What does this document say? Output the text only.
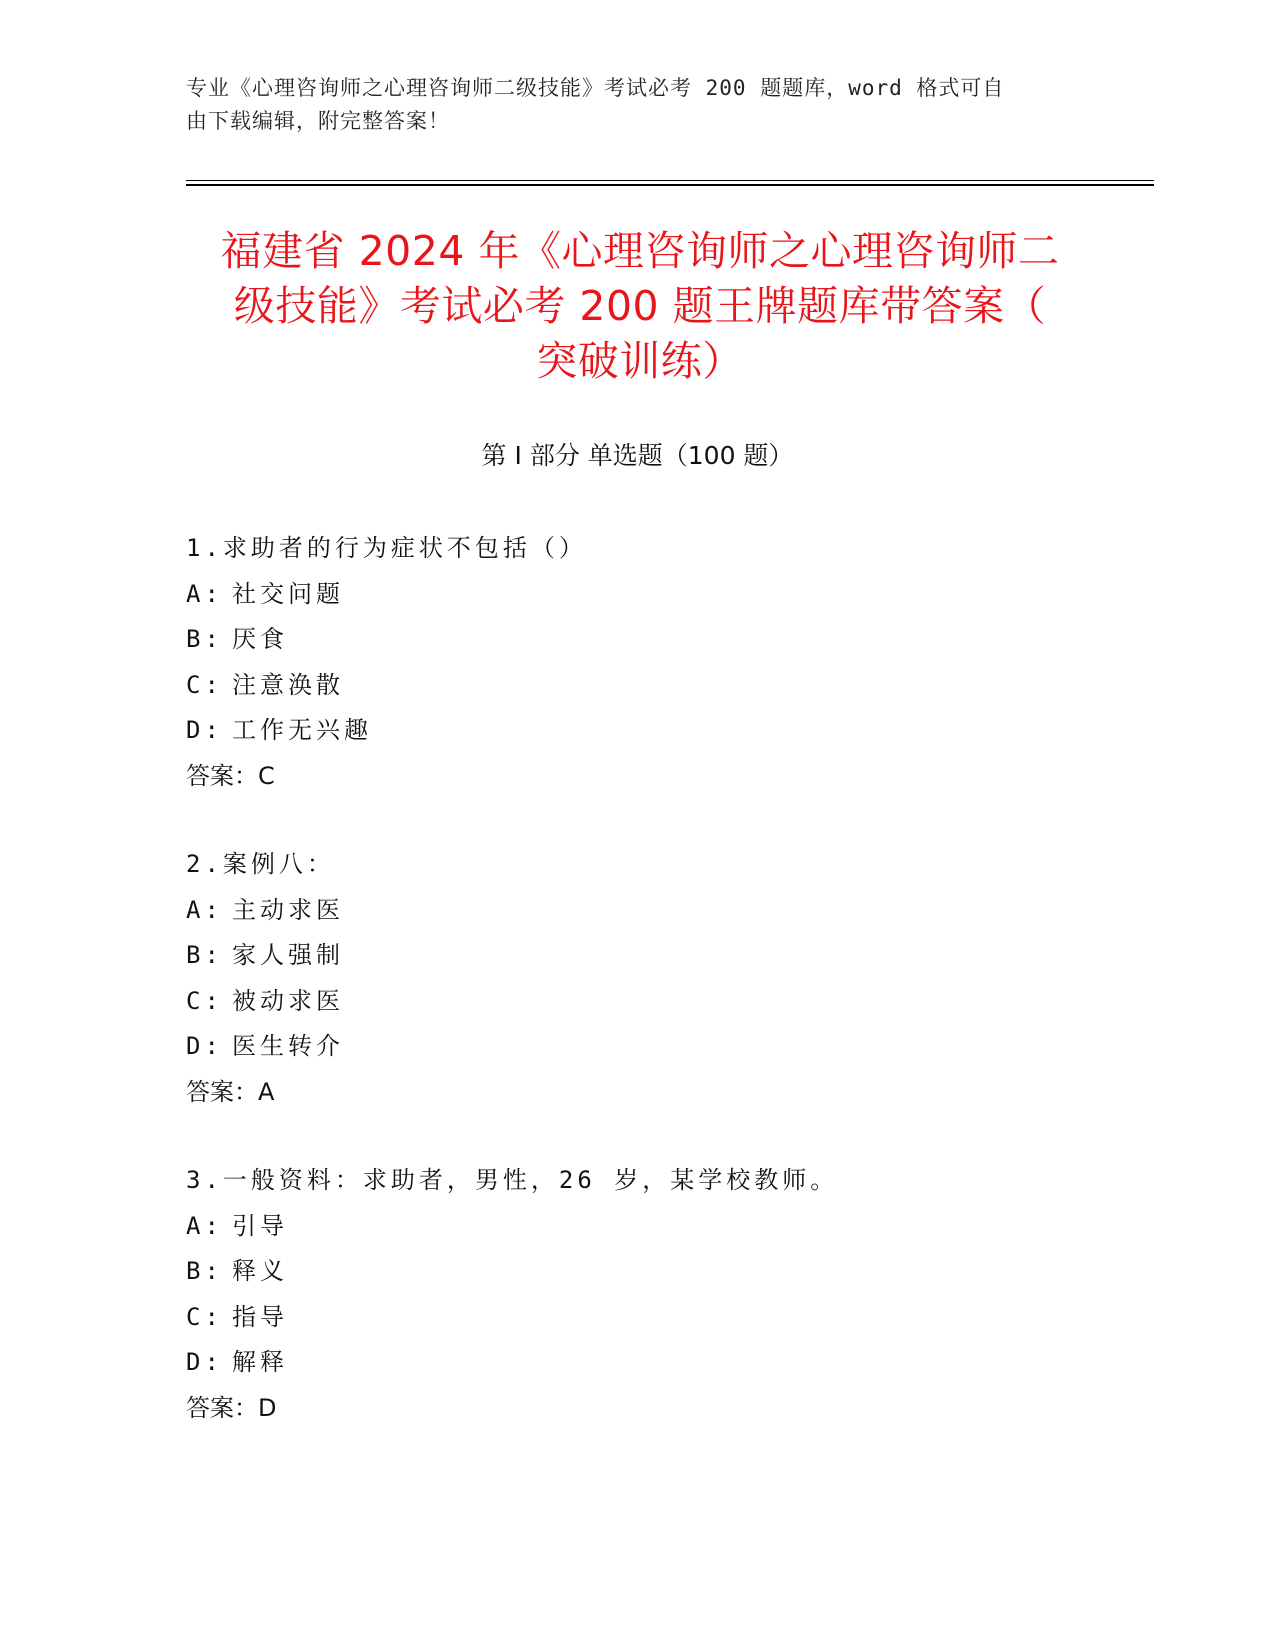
专业《心理咨询师之心理咨询师二级技能》考试必考 200 题题库，word 格式可自
由下载编辑，附完整答案！
福建省 2024 年《心理咨询师之心理咨询师二
级技能》考试必考 200 题王牌题库带答案（
突破训练）
第 I 部分 单选题（100 题）
1.求助者的行为症状不包括（）
A: 社交问题
B: 厌食
C: 注意涣散
D: 工作无兴趣
答案：C
2.案例八：
A: 主动求医
B: 家人强制
C: 被动求医
D: 医生转介
答案：A
3.一般资料：求助者，男性，26 岁，某学校教师。
A: 引导
B: 释义
C: 指导
D: 解释
答案：D
